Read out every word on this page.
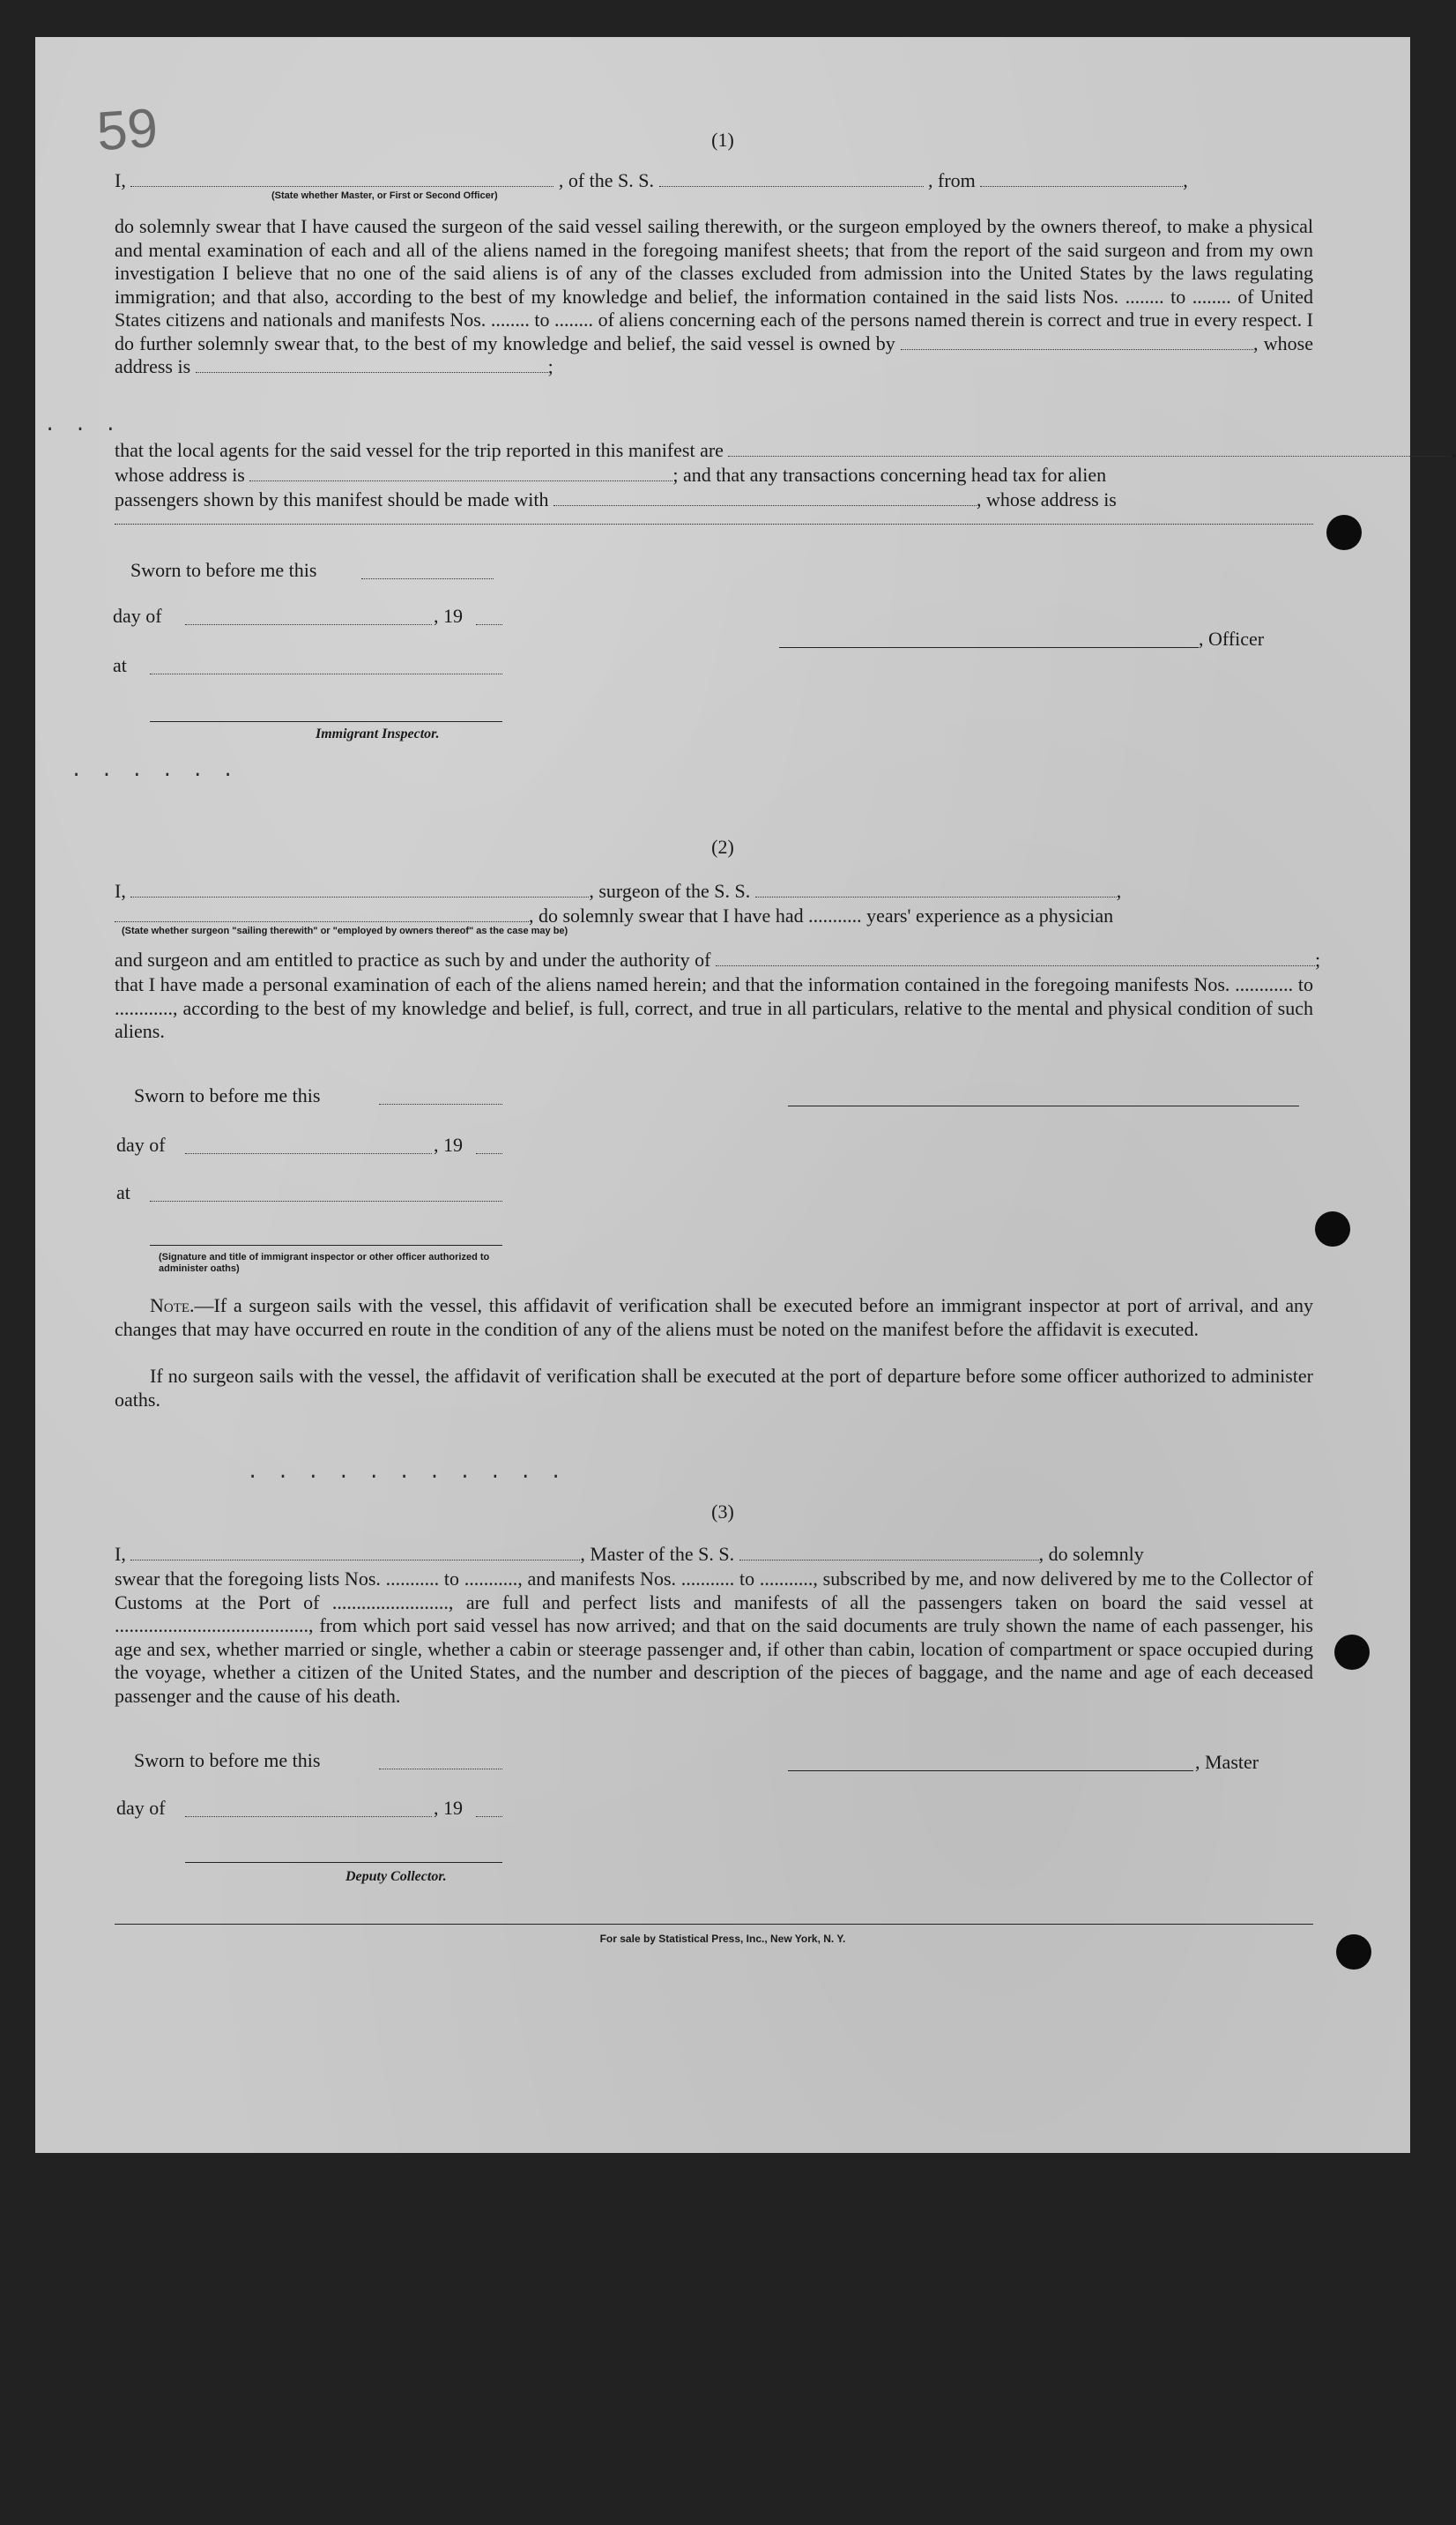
59
	(1)
I,	, of the S. S.	, from	,
(State whether Master, or First or Second Officer)
do solemnly swear that I have caused the surgeon of the said vessel sailing therewith, or the surgeon employed by the owners thereof, to make a physical and mental examination of each and all of the aliens named in the foregoing manifest sheets; that from the report of the said surgeon and from my own investigation I believe that no one of the said aliens is of any of the classes excluded from admission into the United States by the laws regulating immigration; and that also, according to the best of my knowledge and belief, the information contained in the said lists Nos. ........ to ........ of United States citizens and nationals and manifests Nos. ........ to ........ of aliens concerning each of the persons named therein is correct and true in every respect. I do further solemnly swear that, to the best of my knowledge and belief, the said vessel is owned by	, whose address is	;
that the local agents for the said vessel for the trip reported in this manifest are	,
whose address is	; and that any transactions concerning head tax for alien
passengers shown by this manifest should be made with	, whose address is
Sworn to before me this
day of	, 19
, Officer
at
Immigrant Inspector.
. . .
. . . . . .
(2)
I,	, surgeon of the S. S.	,
, do solemnly swear that I have had ........... years' experience as a physician
(State whether surgeon "sailing therewith" or "employed by owners thereof" as the case may be)
and surgeon and am entitled to practice as such by and under the authority of	;
that I have made a personal examination of each of the aliens named herein; and that the information contained in the foregoing manifests Nos. ............ to ............, according to the best of my knowledge and belief, is full, correct, and true in all particulars, relative to the mental and physical condition of such aliens.
Sworn to before me this
day of	, 19
at
(Signature and title of immigrant inspector or other officer authorized to administer oaths)
Note.—If a surgeon sails with the vessel, this affidavit of verification shall be executed before an immigrant inspector at port of arrival, and any changes that may have occurred en route in the condition of any of the aliens must be noted on the manifest before the affidavit is executed.
If no surgeon sails with the vessel, the affidavit of verification shall be executed at the port of departure before some officer authorized to administer oaths.
. . . . . . . . . . .
(3)
I,	, Master of the S. S.	, do solemnly
swear that the foregoing lists Nos. ........... to ..........., and manifests Nos. ........... to ..........., subscribed by me, and now delivered by me to the Collector of Customs at the Port of ........................, are full and perfect lists and manifests of all the passengers taken on board the said vessel at ........................................, from which port said vessel has now arrived; and that on the said documents are truly shown the name of each passenger, his age and sex, whether married or single, whether a cabin or steerage passenger and, if other than cabin, location of compartment or space occupied during the voyage, whether a citizen of the United States, and the number and description of the pieces of baggage, and the name and age of each deceased passenger and the cause of his death.
Sworn to before me this	, Master
day of	, 19
Deputy Collector.
For sale by Statistical Press, Inc., New York, N. Y.
